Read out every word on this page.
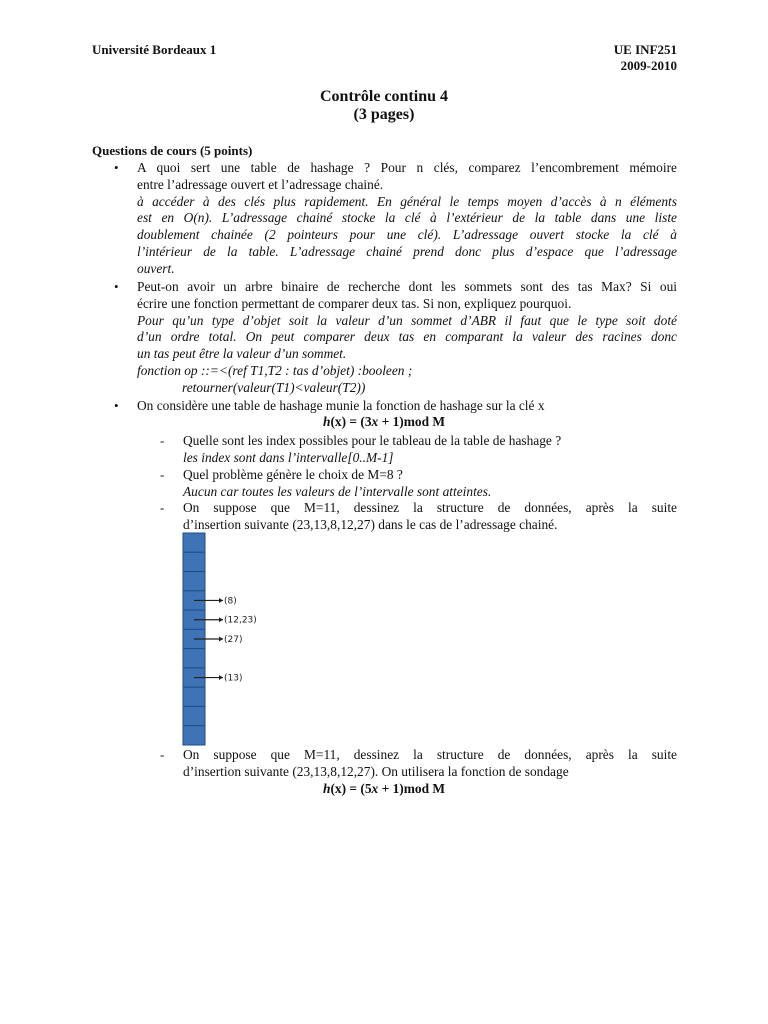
Université Bordeaux 1	UE INF251
2009-2010
Contrôle continu 4
(3 pages)
Questions de cours (5 points)
• A quoi sert une table de hashage ? Pour n clés, comparez l’encombrement mémoire
entre l’adressage ouvert et l’adressage chainé.
à accéder à des clés plus rapidement. En général le temps moyen d’accès à n éléments
est en O(n). L’adressage chainé stocke la clé à l’extérieur de la table dans une liste
doublement chainée (2 pointeurs pour une clé). L’adressage ouvert stocke la clé à
l’intérieur de la table. L’adressage chainé prend donc plus d’espace que l’adressage
ouvert.
• Peut-on avoir un arbre binaire de recherche dont les sommets sont des tas Max? Si oui
écrire une fonction permettant de comparer deux tas. Si non, expliquez pourquoi.
Pour qu’un type d’objet soit la valeur d’un sommet d’ABR il faut que le type soit doté
d’un ordre total. On peut comparer deux tas en comparant la valeur des racines donc
un tas peut être la valeur d’un sommet.
fonction op ::=<(ref T1,T2 : tas d’objet) :booleen ;
retourner(valeur(T1)<valeur(T2))
• On considère une table de hashage munie la fonction de hashage sur la clé x
h(x) = (3x + 1)mod M
- Quelle sont les index possibles pour le tableau de la table de hashage ?
les index sont dans l’intervalle[0..M-1]
- Quel problème génère le choix de M=8 ?
Aucun car toutes les valeurs de l’intervalle sont atteintes.
- On suppose que M=11, dessinez la structure de données, après la suite
d’insertion suivante (23,13,8,12,27) dans le cas de l’adressage chainé.
(8)
(12,23)
(27)
(13)
- On suppose que M=11, dessinez la structure de données, après la suite
d’insertion suivante (23,13,8,12,27). On utilisera la fonction de sondage
h(x) = (5x + 1)mod M
